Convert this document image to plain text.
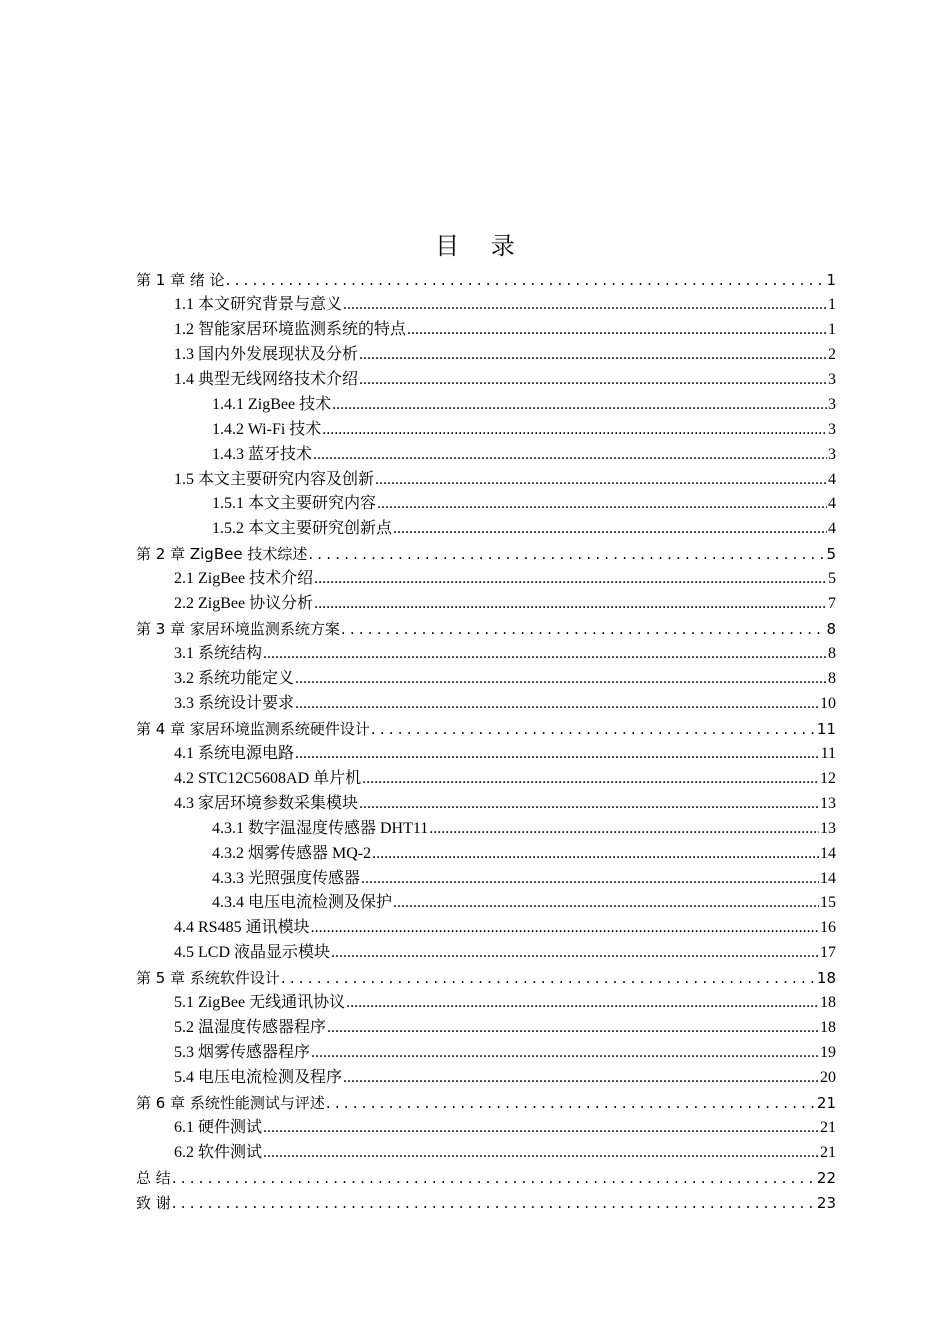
目 录
第 1 章 绪 论 .....	1
1.1 本文研究背景与意义 .....	1
1.2 智能家居环境监测系统的特点 .....	1
1.3 国内外发展现状及分析 .....	2
1.4 典型无线网络技术介绍 .....	3
1.4.1 ZigBee 技术 .....	3
1.4.2 Wi-Fi 技术 .....	3
1.4.3 蓝牙技术 .....	3
1.5 本文主要研究内容及创新 .....	4
1.5.1 本文主要研究内容 .....	4
1.5.2 本文主要研究创新点 .....	4
第 2 章 ZigBee 技术综述 .....	5
2.1 ZigBee 技术介绍 .....	5
2.2 ZigBee 协议分析 .....	7
第 3 章 家居环境监测系统方案 .....	8
3.1 系统结构 .....	8
3.2 系统功能定义 .....	8
3.3 系统设计要求 .....	10
第 4 章 家居环境监测系统硬件设计 .....	11
4.1 系统电源电路 .....	11
4.2 STC12C5608AD 单片机 .....	12
4.3 家居环境参数采集模块 .....	13
4.3.1 数字温湿度传感器 DHT11 .....	13
4.3.2 烟雾传感器 MQ-2 .....	14
4.3.3 光照强度传感器 .....	14
4.3.4 电压电流检测及保护 .....	15
4.4 RS485 通讯模块 .....	16
4.5 LCD 液晶显示模块 .....	17
第 5 章 系统软件设计 .....	18
5.1 ZigBee 无线通讯协议 .....	18
5.2 温湿度传感器程序 .....	18
5.3 烟雾传感器程序 .....	19
5.4 电压电流检测及程序 .....	20
第 6 章 系统性能测试与评述 .....	21
6.1 硬件测试 .....	21
6.2 软件测试 .....	21
总 结 .....	22
致 谢 .....	23
